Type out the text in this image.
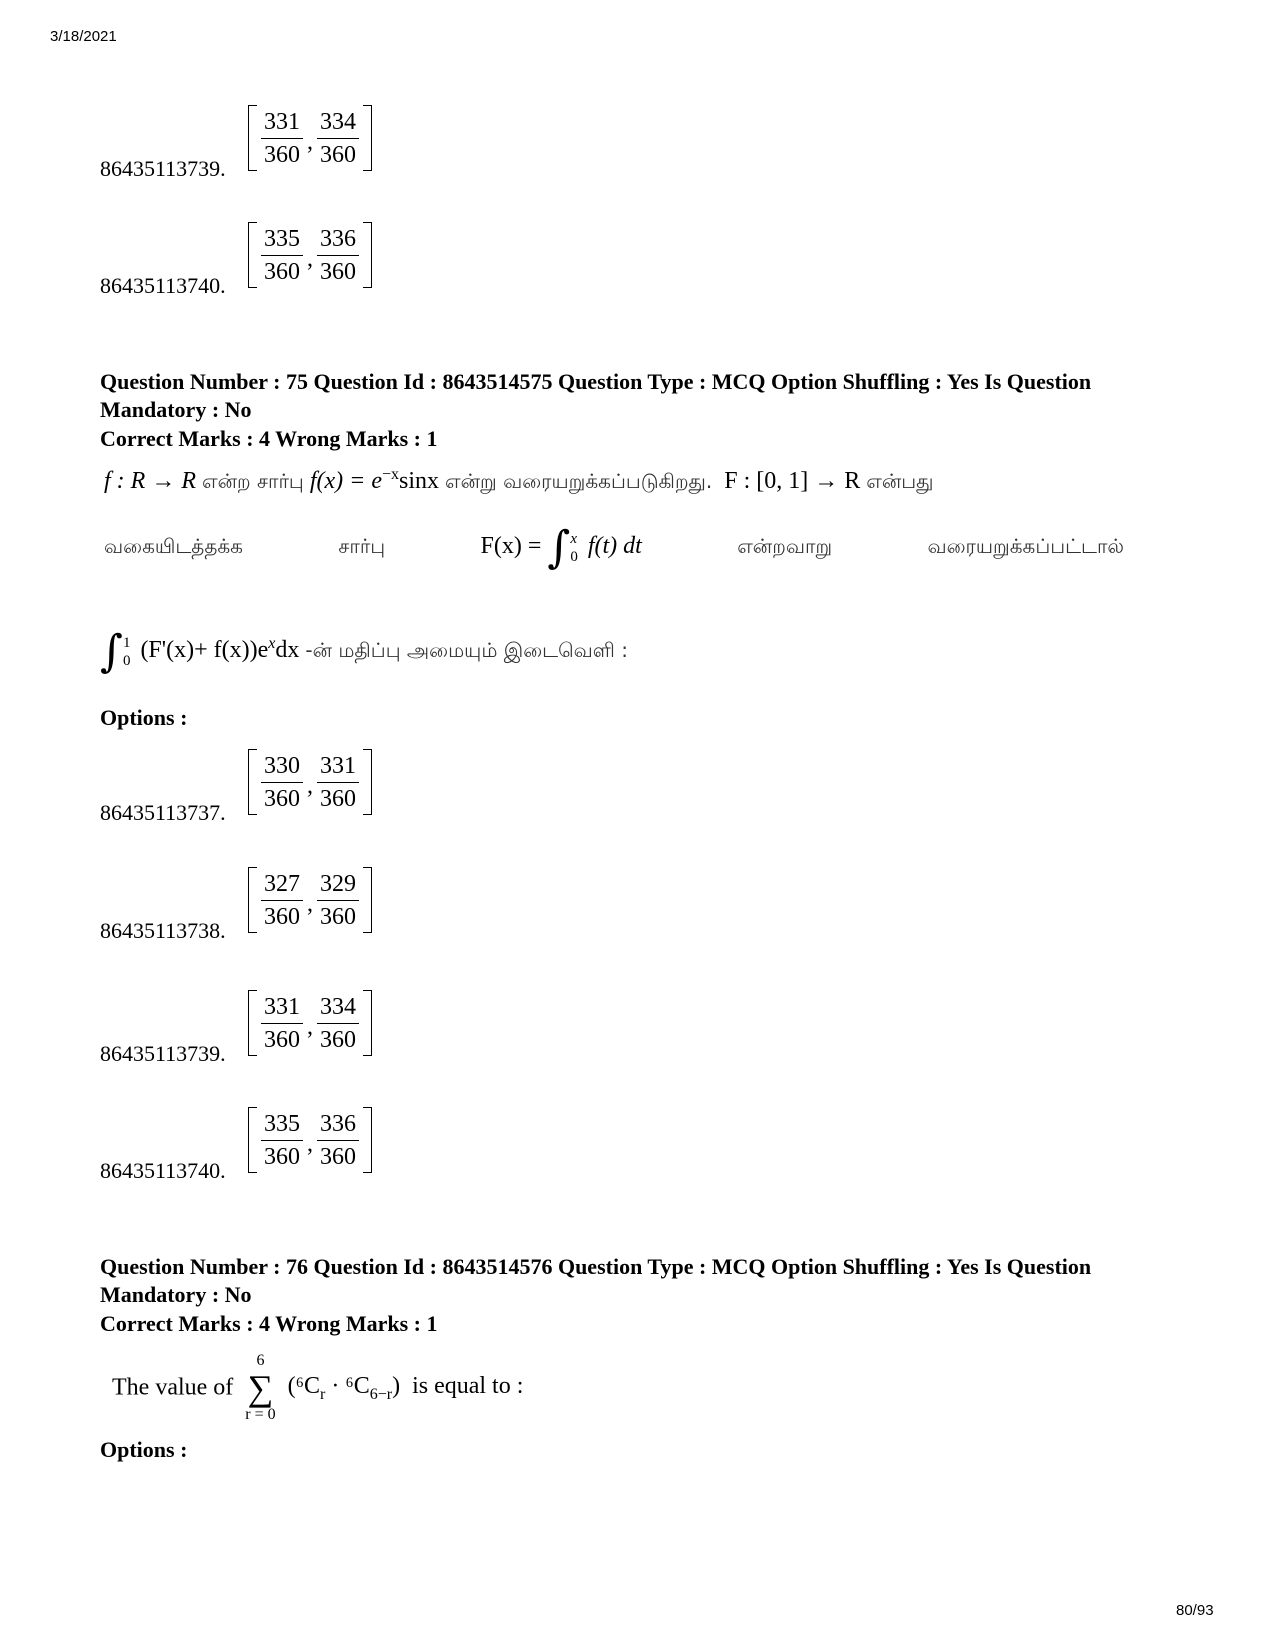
3/18/2021
$\frac{331}{360}$ , $\frac{334}{360}$
86435113739.
$\frac{335}{360}$ , $\frac{336}{360}$
86435113740.
Question Number : 75 Question Id : 8643514575 Question Type : MCQ Option Shuffling : Yes Is Question Mandatory : No
Correct Marks : 4 Wrong Marks : 1
f : R → R என்ற சார்பு $f(x) = e^{-x}\sin x$ என்று வரையறுக்கப்படுகிறது. F : [0, 1] → R என்பது
வகையிடத்தக்க	சார்பு	F(x) = ∫ x
0 f(t) dt	என்றவாறு	வரையறுக்கப்பட்டால்
∫ 1
0 $(F'(x)+ f(x))e^xdx$ -ன் மதிப்பு அமையும் இடைவெளி :
Options :
$\frac{330}{360}$ , $\frac{331}{360}$
86435113737.
$\frac{327}{360}$ , $\frac{329}{360}$
86435113738.
$\frac{331}{360}$ , $\frac{334}{360}$
86435113739.
$\frac{335}{360}$ , $\frac{336}{360}$
86435113740.
Question Number : 76 Question Id : 8643514576 Question Type : MCQ Option Shuffling : Yes Is Question Mandatory : No
Correct Marks : 4 Wrong Marks : 1
The value of
6
∑
r = 0
$(^6C_r \cdot ^6C_{6-r})$ is equal to :
Options :
80/93
